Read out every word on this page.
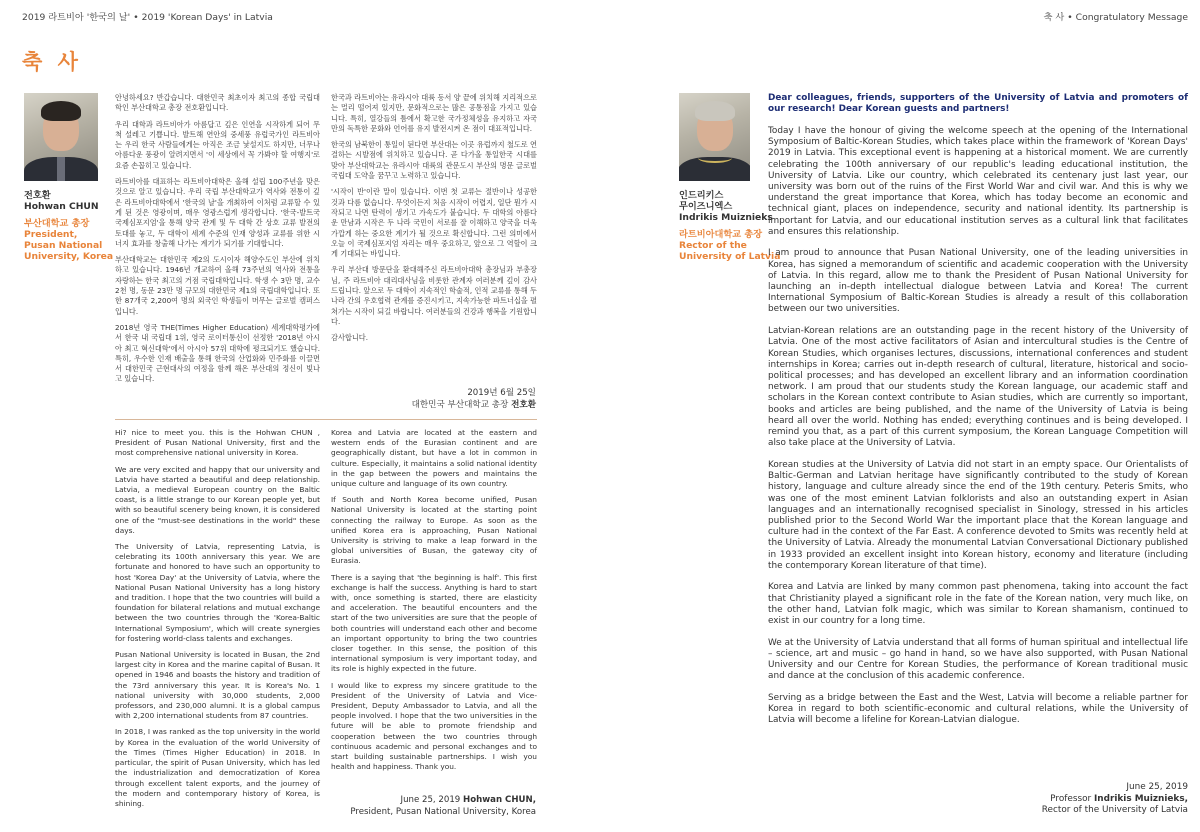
2019 라트비아 '한국의 날' • 2019 'Korean Days' in Latvia	축 사 • Congratulatory Message
축 사
전호환
Hohwan CHUN
부산대학교 총장
President,
Pusan National
University, Korea

안녕하세요? 반갑습니다. 대한민국 최초이자 최고의 종합 국립대학인 부산대학교 총장 전호환입니다.

우리 대학과 라트비아가 아름답고 깊은 인연을 시작하게 되어 무척 설레고 기쁩니다. 발트해 연안의 중세풍 유럽국가인 라트비아는 우리 한국 사람들에게는 아직은 조금 낯설지도 하지만, 너무나 아름다운 풍광이 알려지면서 '이 세상에서 꼭 가봐야 할 여행지'로 요즘 손꼽히고 있습니다.

라트비아를 대표하는 라트비아대학은 올해 설립 100주년을 맞은 것으로 알고 있습니다. 우리 국립 부산대학교가 역사와 전통이 깊은 라트비아대학에서 '한국의 날'을 개최하여 이처럼 교류할 수 있게 된 것은 영광이며, 매우 영광스럽게 생각합니다. '한국-발트국 국제심포지엄'을 통해 양국 관계 및 두 대학 간 상호 교류 발전의 토대를 놓고, 두 대학이 세계 수준의 인재 양성과 교류를 위한 시너지 효과를 창출해 나가는 계기가 되기를 기대합니다.

부산대학교는 대한민국 제2의 도시이자 해양수도인 부산에 위치하고 있습니다. 1946년 개교하여 올해 73주년의 역사와 전통을 자랑하는 한국 최고의 거점 국립대학입니다. 학생 수 3만 명, 교수 2천 명, 동문 23만 명 규모의 대한민국 제1의 국립대학입니다. 또한 87개국 2,200여 명의 외국인 학생들이 머무는 글로벌 캠퍼스입니다.

2018년 영국 THE(Times Higher Education) 세계대학평가에서 한국 내 국립대 1위, 영국 로이터통신이 선정한 '2018년 아시아 최고 혁신대학'에서 아시아 57위 대학에 평크되기도 했습니다. 특히, 우수한 인재 배출을 통해 한국의 산업화와 민주화를 이끌면서 대한민국 근현대사의 여정을 함께 해온 부산대의 정신이 빛나고 있습니다.

한국과 라트비아는 유라시아 대륙 동서 양 끝에 위치해 지리적으로는 멀리 떨어져 있지만, 문화적으로는 많은 공통점을 가지고 있습니다. 특히, 열강들의 틈에서 확고한 국가정체성을 유지하고 자국만의 독특한 문화와 언어를 유지 발전시켜 온 점이 대표적입니다.

한국의 남북한이 통일이 된다면 부산대는 이곳 유럽까지 철도로 연결하는 시발점에 위치하고 있습니다. 곧 다가올 통일한국 시대를 맞아 부산대학교는 유라시아 대륙의 관문도시 부산의 명문 글로벌 국립대 도약을 꿈꾸고 노력하고 있습니다.

'시작이 반'이란 말이 있습니다. 이번 첫 교류는 절반이나 성공한 것과 다름 없습니다. 무엇이든지 처음 시작이 어렵지, 일단 뭔가 시작되고 나면 탄력이 생기고 가속도가 붙습니다. 두 대학의 아름다운 만남과 시작은 두 나라 국민이 서로를 잘 이해하고 양국을 더욱 가깝게 하는 중요한 계기가 될 것으로 확신합니다. 그런 의미에서 오늘 이 국제심포지엄 자리는 매우 중요하고, 앞으로 그 역할이 크게 기대되는 바입니다.

우리 부산대 방문단을 환대해주신 라트비아대학 총장님과 부총장님, 주 라트비아 대리대사님을 비롯한 관계자 여러분께 깊이 감사드립니다. 앞으로 두 대학이 지속적인 학술적, 인적 교류를 통해 두 나라 간의 우호협력 관계를 증진시키고, 지속가능한 파트너십을 펼쳐가는 시작이 되길 바랍니다. 여러분들의 건강과 행복을 기원합니다.

감사합니다.

2019년 6월 25일
대한민국 부산대학교 총장 전호환

Hi? nice to meet you. this is the Hohwan CHUN , President of Pusan National University, first and the most comprehensive national university in Korea.

We are very excited and happy that our university and Latvia have started a beautiful and deep relationship. Latvia, a medieval European country on the Baltic coast, is a little strange to our Korean people yet, but with so beautiful scenery being known, it is considered one of the "must-see destinations in the world" these days.

The University of Latvia, representing Latvia, is celebrating its 100th anniversary this year. We are fortunate and honored to have such an opportunity to host 'Korea Day' at the University of Latvia, where the National Pusan National University has a long history and tradition. I hope that the two countries will build a foundation for bilateral relations and mutual exchange between the two countries through the 'Korea-Baltic International Symposium', which will create synergies for fostering world-class talents and exchanges.

Pusan National University is located in Busan, the 2nd largest city in Korea and the marine capital of Busan. It opened in 1946 and boasts the history and tradition of the 73rd anniversary this year. It is Korea's No. 1 national university with 30,000 students, 2,000 professors, and 230,000 alumni. It is a global campus with 2,200 international students from 87 countries.

In 2018, I was ranked as the top university in the world by Korea in the evaluation of the world University of the Times (Times Higher Education) in 2018. In particular, the spirit of Pusan University, which has led the industrialization and democratization of Korea through excellent talent exports, and the journey of the modern and contemporary history of Korea, is shining.

Korea and Latvia are located at the eastern and western ends of the Eurasian continent and are geographically distant, but have a lot in common in culture. Especially, it maintains a solid national identity in the gap between the powers and maintains the unique culture and language of its own country.

If South and North Korea become unified, Pusan National University is located at the starting point connecting the railway to Europe. As soon as the unified Korea era is approaching, Pusan National University is striving to make a leap forward in the global universities of Busan, the gateway city of Eurasia.

There is a saying that 'the beginning is half'. This first exchange is half the success. Anything is hard to start with, once something is started, there are elasticity and acceleration. The beautiful encounters and the start of the two universities are sure that the people of both countries will understand each other and become an important opportunity to bring the two countries closer together. In this sense, the position of this international symposium is very important today, and its role is highly expected in the future.

I would like to express my sincere gratitude to the President of the University of Latvia and Vice-President, Deputy Ambassador to Latvia, and all the people involved. I hope that the two universities in the future will be able to promote friendship and cooperation between the two countries through continuous academic and personal exchanges and to start building sustainable partnerships. I wish you health and happiness. Thank you.

June 25, 2019 Hohwan CHUN,
President, Pusan National University, Korea
인드리키스
무이즈니엑스
Indrikis Muiznieks
라트비아대학교 총장
Rector of the
University of Latvia

Dear colleagues, friends, supporters of the University of Latvia and promoters of our research! Dear Korean guests and partners!

Today I have the honour of giving the welcome speech at the opening of the International Symposium of Baltic-Korean Studies, which takes place within the framework of 'Korean Days' 2019 in Latvia. This exceptional event is happening at a historical moment. We are currently celebrating the 100th anniversary of our republic's leading educational institution, the University of Latvia. Like our country, which celebrated its centenary just last year, our university was born out of the ruins of the First World War and civil war. And this is why we understand the great importance that Korea, which has today become an economic and technical giant, places on independence, security and national identity. Its partnership is important for Latvia, and our educational institution serves as a cultural link that facilitates and ensures this relationship.

I am proud to announce that Pusan National University, one of the leading universities in Korea, has signed a memorandum of scientific and academic cooperation with the University of Latvia. In this regard, allow me to thank the President of Pusan National University for launching an in-depth intellectual dialogue between Latvia and Korea! The current International Symposium of Baltic-Korean Studies is already a result of this collaboration between our two universities.

Latvian-Korean relations are an outstanding page in the recent history of the University of Latvia. One of the most active facilitators of Asian and intercultural studies is the Centre of Korean Studies, which organises lectures, discussions, international conferences and student internships in Korea; carries out in-depth research of cultural, literature, historical and socio-political processes; and has developed an excellent library and an information coordination network. I am proud that our students study the Korean language, our academic staff and scholars in the Korean context contribute to Asian studies, which are currently so important, books and articles are being published, and the name of the University of Latvia is being heard all over the world. Nothing has ended; everything continues and is being developed. I remind you that, as a part of this current symposium, the Korean Language Competition will also take place at the University of Latvia.

Korean studies at the University of Latvia did not start in an empty space. Our Orientalists of Baltic-German and Latvian heritage have significantly contributed to the study of Korean history, language and culture already since the end of the 19th century. Peteris Smits, who was one of the most eminent Latvian folklorists and also an outstanding expert in Asian languages and an internationally recognised specialist in Sinology, stressed in his articles published prior to the Second World War the important place that the Korean language and culture had in the context of the Far East. A conference devoted to Smits was recently held at the University of Latvia. Already the monumental Latvian Conversational Dictionary published in 1933 provided an excellent insight into Korean history, economy and literature (including the contemporary Korean literature of that time).

Korea and Latvia are linked by many common past phenomena, taking into account the fact that Christianity played a significant role in the fate of the Korean nation, very much like, on the other hand, Latvian folk magic, which was similar to Korean shamanism, continued to exist in our country for a long time.

We at the University of Latvia understand that all forms of human spiritual and intellectual life – science, art and music – go hand in hand, so we have also supported, with Pusan National University and our Centre for Korean Studies, the performance of Korean traditional music and dance at the conclusion of this academic conference.

Serving as a bridge between the East and the West, Latvia will become a reliable partner for Korea in regard to both scientific-economic and cultural relations, while the University of Latvia will become a lifeline for Korean-Latvian dialogue.

June 25, 2019
Professor Indrikis Muiznieks,
Rector of the University of Latvia
